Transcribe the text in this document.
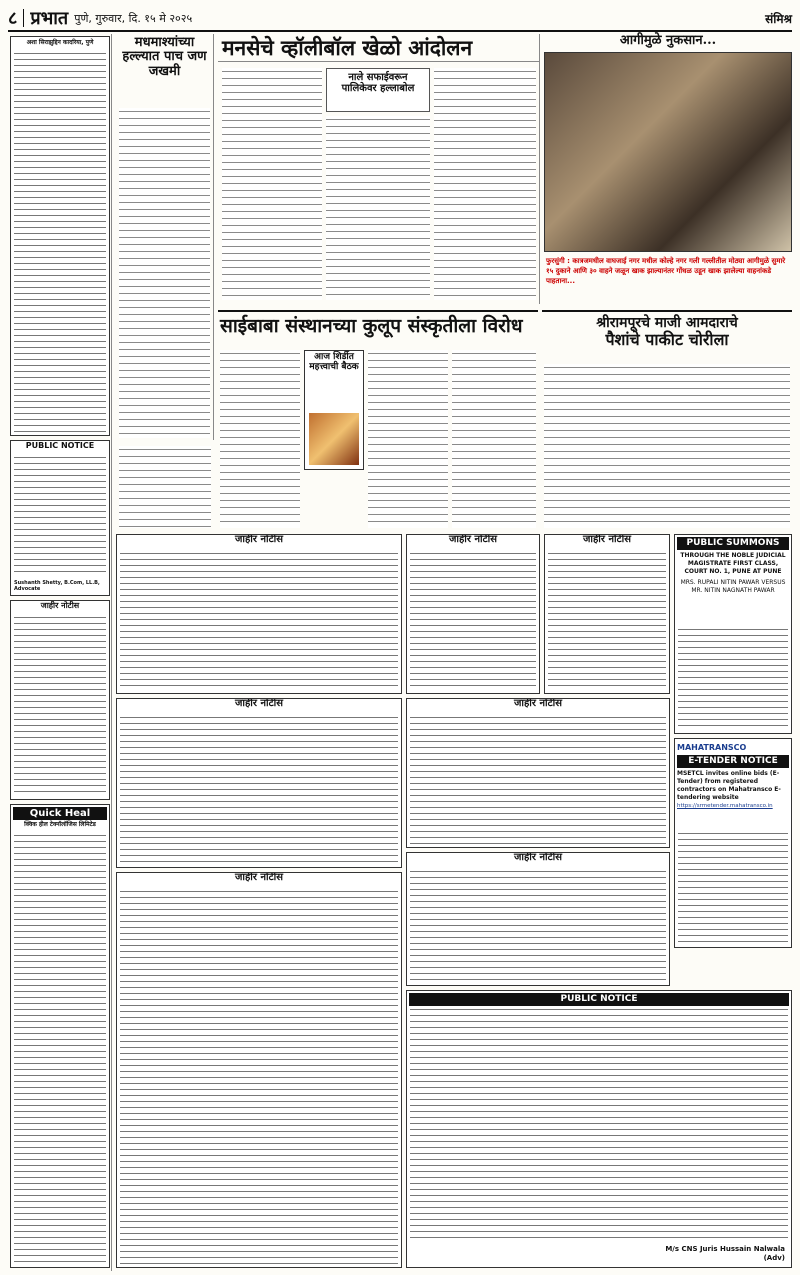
८ प्रभात पुणे, गुरुवार, दि. १५ मे २०२५	संमिश्र
अशा सिराझुद्दिन कादरिया, पुणे
PUBLIC NOTICE
Sushanth Shetty, B.Com, LL.B, Advocate
जाहीर नोटीस
Quick Heal
क्विक हील टेक्नॉलॉजिस लिमिटेड
मधमाश्यांच्या हल्ल्यात पाच जण जखमी
मनसेचे व्हॉलीबॉल खेळो आंदोलन
नाले सफाईवरून पालिकेवर हल्लाबोल
आगीमुळे नुकसान...
फुरसुंगी : कात्रजमधील वाघजाई नगर मधील कोल्हे नगर गली गल्लीतील मोठ्या आगीमुळे सुमारे १५ दुकाने आणि ३० वाहने जळून खाक झाल्यानंतर गोंधळ उडून खाक झालेल्या वाहनांकडे पाहताना...
साईबाबा संस्थानच्या कुलूप संस्कृतीला विरोध
आज शिर्डीत महत्त्वाची बैठक
श्रीरामपूरचे माजी आमदाराचे
पैशांचे पाकीट चोरीला
जाहीर नोटीस	जाहीर नोटीस	जाहीर नोटीस	PUBLIC SUMMONS
THROUGH THE NOBLE JUDICIAL MAGISTRATE FIRST CLASS, COURT NO. 1, PUNE AT PUNE
MRS. RUPALI NITIN PAWAR VERSUS MR. NITIN NAGNATH PAWAR
जाहीर नोटीस	जाहीर नोटीस
MAHATRANSCO
E-TENDER NOTICE
MSETCL invites online bids (E-Tender) from registered contractors on Mahatransco E-tendering website
https://srmetender.mahatransco.in
जाहीर नोटीस
जाहीर नोटीस
PUBLIC NOTICE
M/s CNS Juris Hussain Nalwala (Adv)
